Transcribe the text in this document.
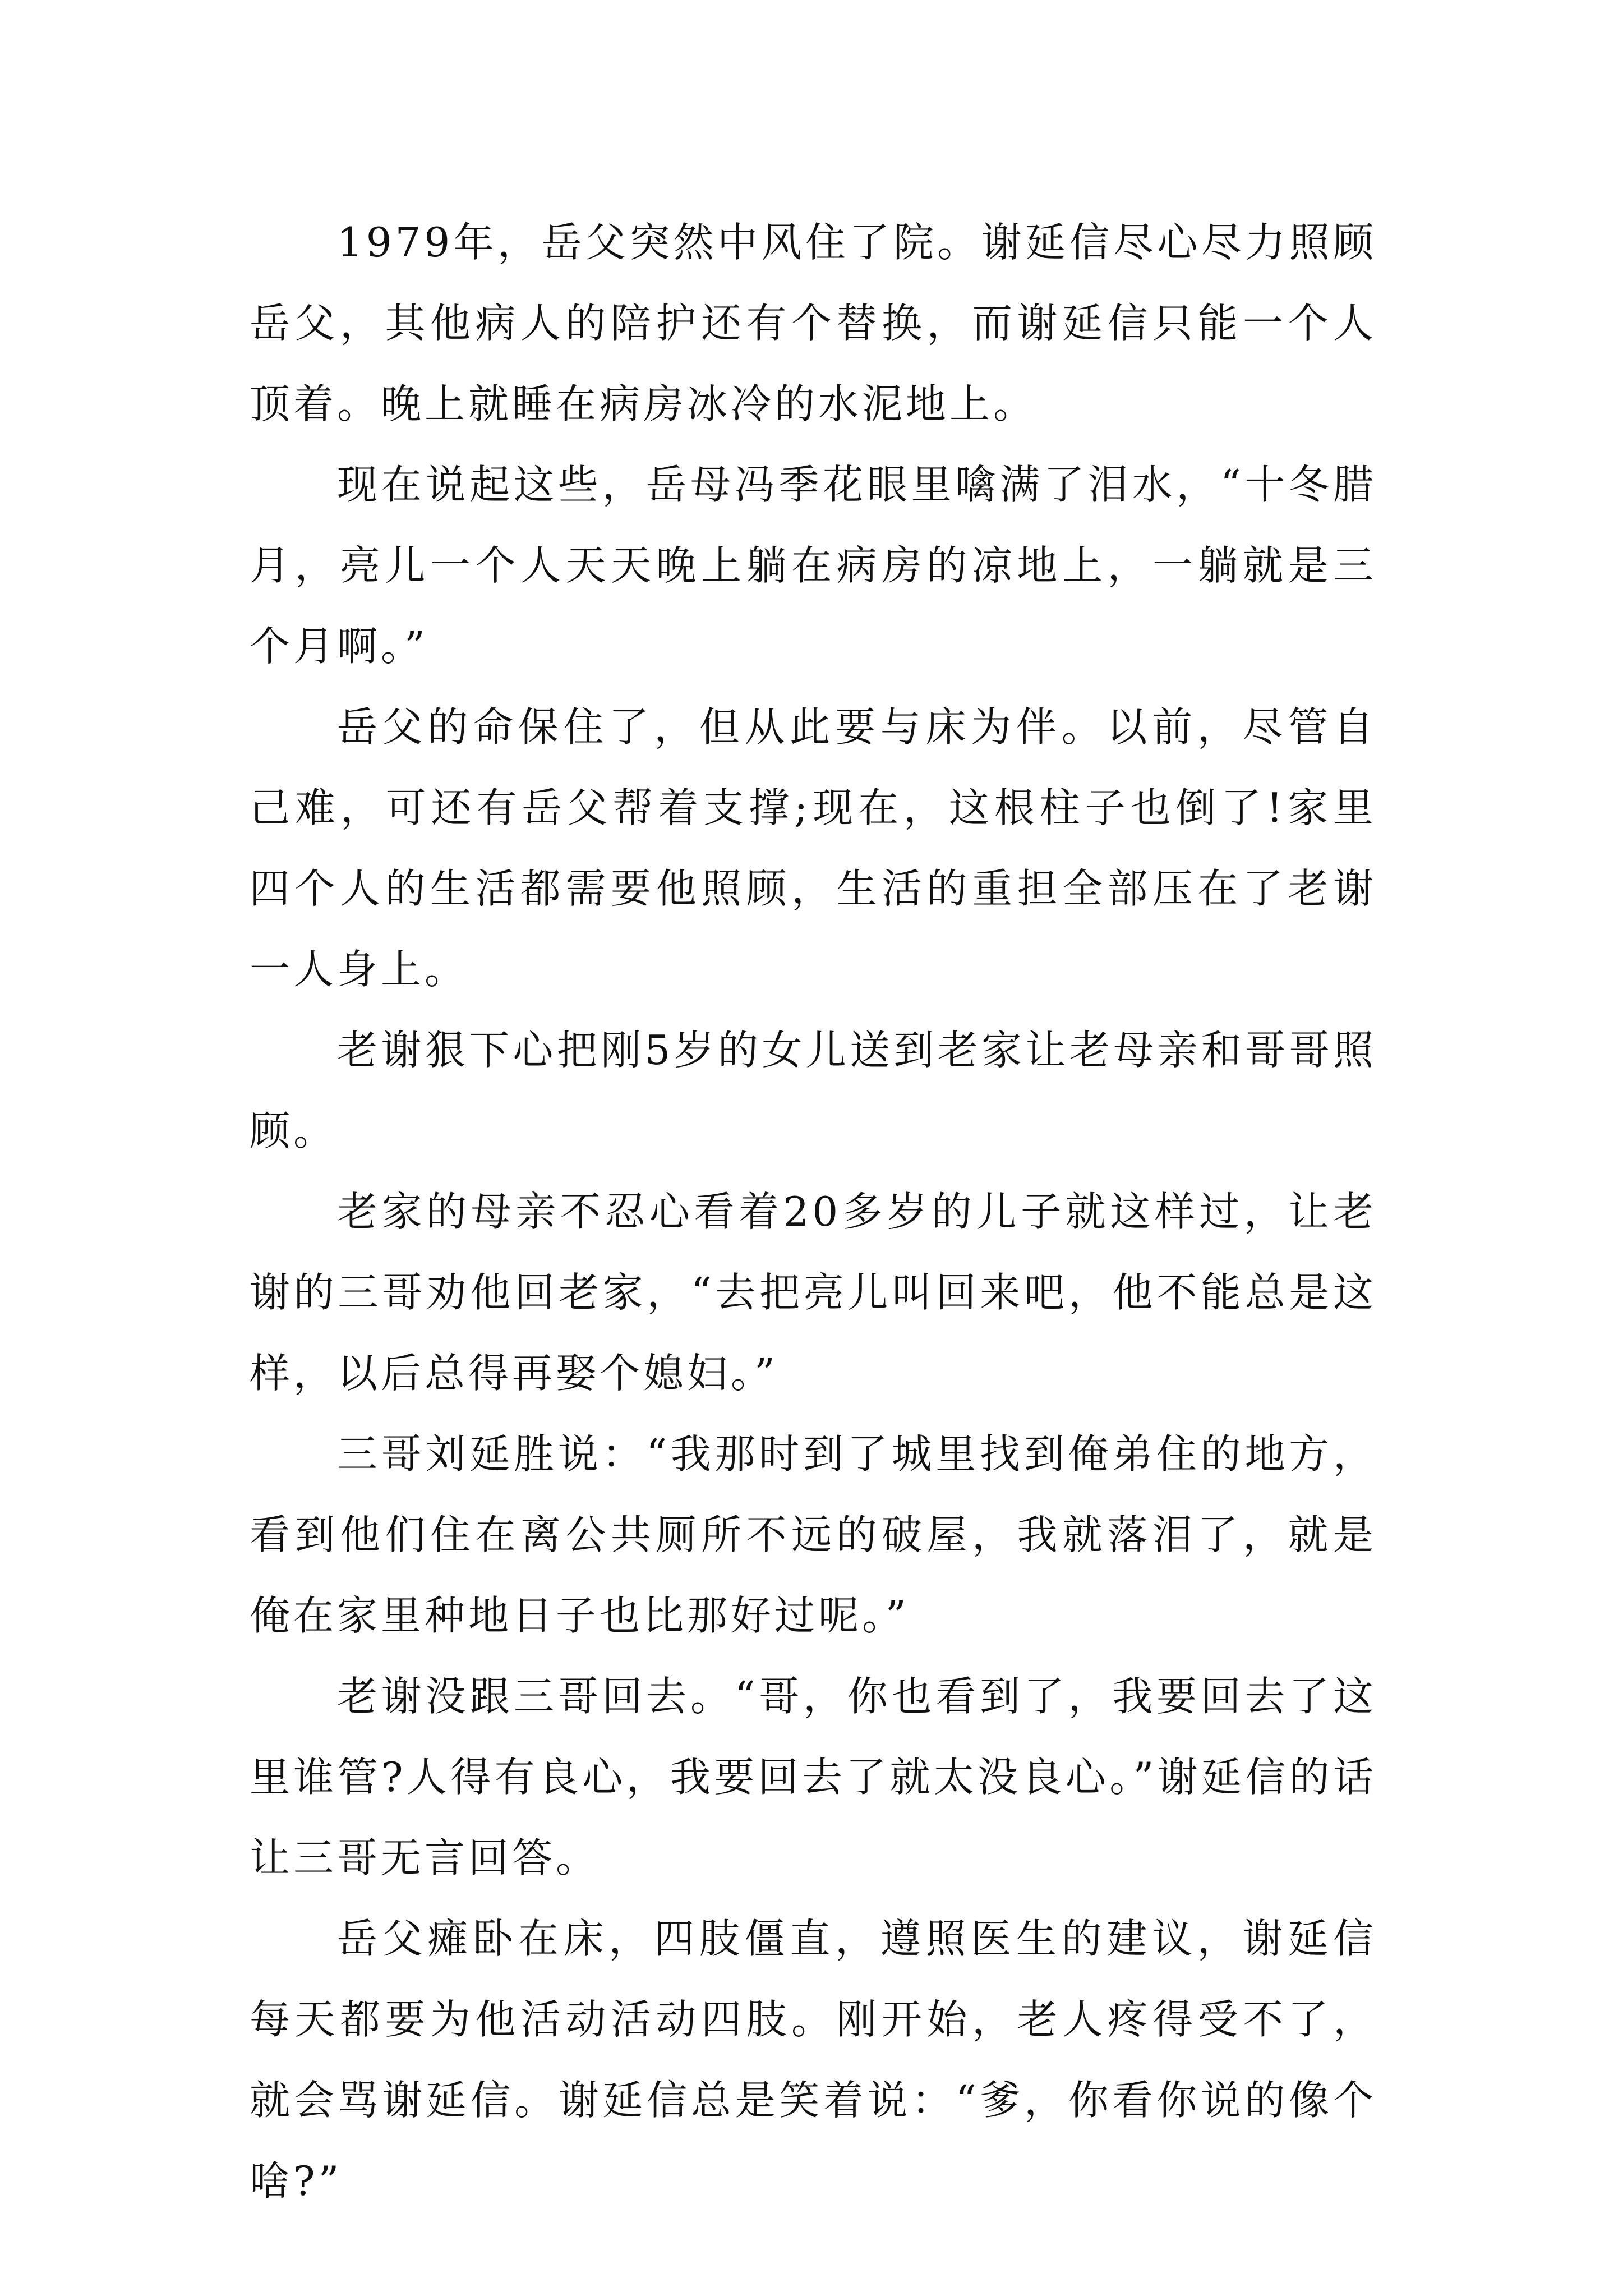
1979年，岳父突然中风住了院。谢延信尽心尽力照顾岳父，其他病人的陪护还有个替换，而谢延信只能一个人顶着。晚上就睡在病房冰冷的水泥地上。

现在说起这些，岳母冯季花眼里噙满了泪水，“十冬腊月，亮儿一个人天天晚上躺在病房的凉地上，一躺就是三个月啊。”

岳父的命保住了，但从此要与床为伴。以前，尽管自己难，可还有岳父帮着支撑;现在，这根柱子也倒了!家里四个人的生活都需要他照顾，生活的重担全部压在了老谢一人身上。

老谢狠下心把刚5岁的女儿送到老家让老母亲和哥哥照顾。

老家的母亲不忍心看着20多岁的儿子就这样过，让老谢的三哥劝他回老家，“去把亮儿叫回来吧，他不能总是这样，以后总得再娶个媳妇。”

三哥刘延胜说：“我那时到了城里找到俺弟住的地方，看到他们住在离公共厕所不远的破屋，我就落泪了，就是俺在家里种地日子也比那好过呢。”

老谢没跟三哥回去。“哥，你也看到了，我要回去了这里谁管?人得有良心，我要回去了就太没良心。”谢延信的话让三哥无言回答。

岳父瘫卧在床，四肢僵直，遵照医生的建议，谢延信每天都要为他活动活动四肢。刚开始，老人疼得受不了，就会骂谢延信。谢延信总是笑着说：“爹，你看你说的像个啥?”
